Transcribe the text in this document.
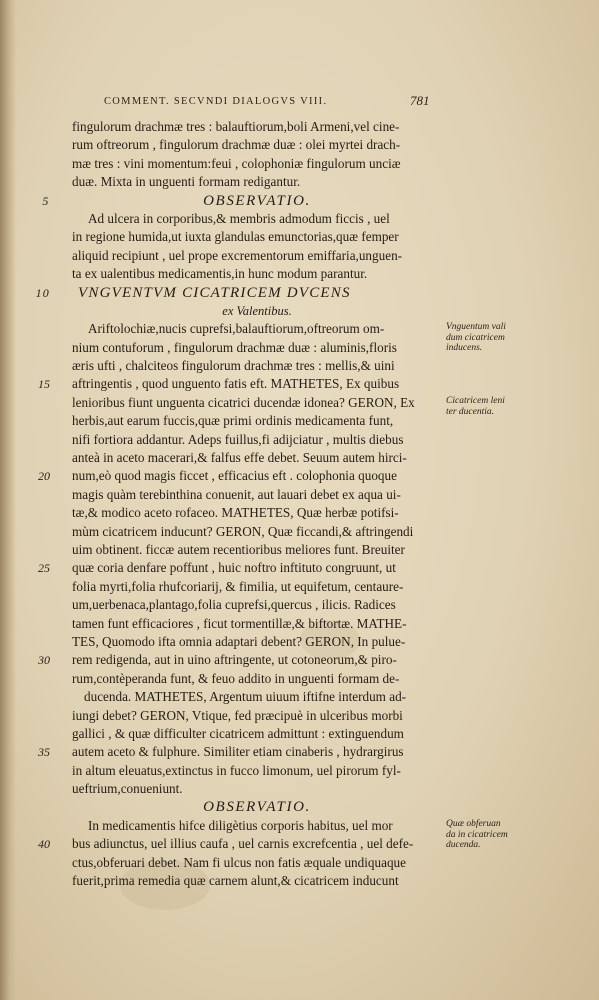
COMMENT. SECVNDI DIALOGVS VIII.	781
fingulorum drachmæ tres : balauftiorum,boli Armeni,vel cine-
rum oftreorum , fingulorum drachmæ duæ : olei myrtei drach-
mæ tres : vini momentum:feui , colophoniæ fingulorum unciæ
duæ. Mixta in unguenti formam redigantur.
OBSERVATIO.
5
Ad ulcera in corporibus,& membris admodum ficcis , uel
in regione humida,ut iuxta glandulas emunctorias,quæ femper
aliquid recipiunt , uel prope excrementorum emiffaria,unguen-
ta ex ualentibus medicamentis,in hunc modum parantur.
VNGVENTVM CICATRICEM DVCENS
10
ex Valentibus.
Ariftolochiæ,nucis cuprefsi,balauftiorum,oftreorum om-
nium contuforum , fingulorum drachmæ duæ : aluminis,floris
æris ufti , chalciteos fingulorum drachmæ tres : mellis,& uini
aftringentis , quod unguento fatis eft. MATHETES, Ex quibus
15
lenioribus fiunt unguenta cicatrici ducendæ idonea? GERON, Ex
herbis,aut earum fuccis,quæ primi ordinis medicamenta funt,
nifi fortiora addantur. Adeps fuillus,fi adijciatur , multis diebus
anteà in aceto macerari,& falfus effe debet. Seuum autem hirci-
num,eò quod magis ficcet , efficacius eft . colophonia quoque
20
magis quàm terebinthina conuenit, aut lauari debet ex aqua ui-
tæ,& modico aceto rofaceo. MATHETES, Quæ herbæ potifsi-
mùm cicatricem inducunt? GERON, Quæ ficcandi,& aftringendi
uim obtinent. ficcæ autem recentioribus meliores funt. Breuiter
quæ coria denfare poffunt , huic noftro inftituto congruunt, ut
25
folia myrti,folia rhufcoriarij, & fimilia, ut equifetum, centaure-
um,uerbenaca,plantago,folia cuprefsi,quercus , ilicis. Radices
tamen funt efficaciores , ficut tormentillæ,& biftortæ. MATHE-
TES, Quomodo ifta omnia adaptari debent? GERON, In pulue-
rem redigenda, aut in uino aftringente, ut cotoneorum,& piro-
30
rum,contèperanda funt, & feuo addito in unguenti formam de-
ducenda. MATHETES, Argentum uiuum iftifne interdum ad-
iungi debet? GERON, Vtique, fed præcipuè in ulceribus morbi
gallici , & quæ difficulter cicatricem admittunt : extinguendum
autem aceto & fulphure. Similiter etiam cinaberis , hydrargirus
35
in altum eleuatus,extinctus in fucco limonum, uel pirorum fyl-
ueftrium,conueniunt.
OBSERVATIO.
In medicamentis hifce diligètius corporis habitus, uel mor
bus adiunctus, uel illius caufa , uel carnis excrefcentia , uel defe-
40
ctus,obferuari debet. Nam fi ulcus non fatis æquale undiquaque
fuerit,prima remedia quæ carnem alunt,& cicatricem inducunt
Vnguentum vali
dum cicatricem
inducens.
Cicatricem leni
ter ducentia.
Quæ obferuan
da in cicatricem
ducenda.
